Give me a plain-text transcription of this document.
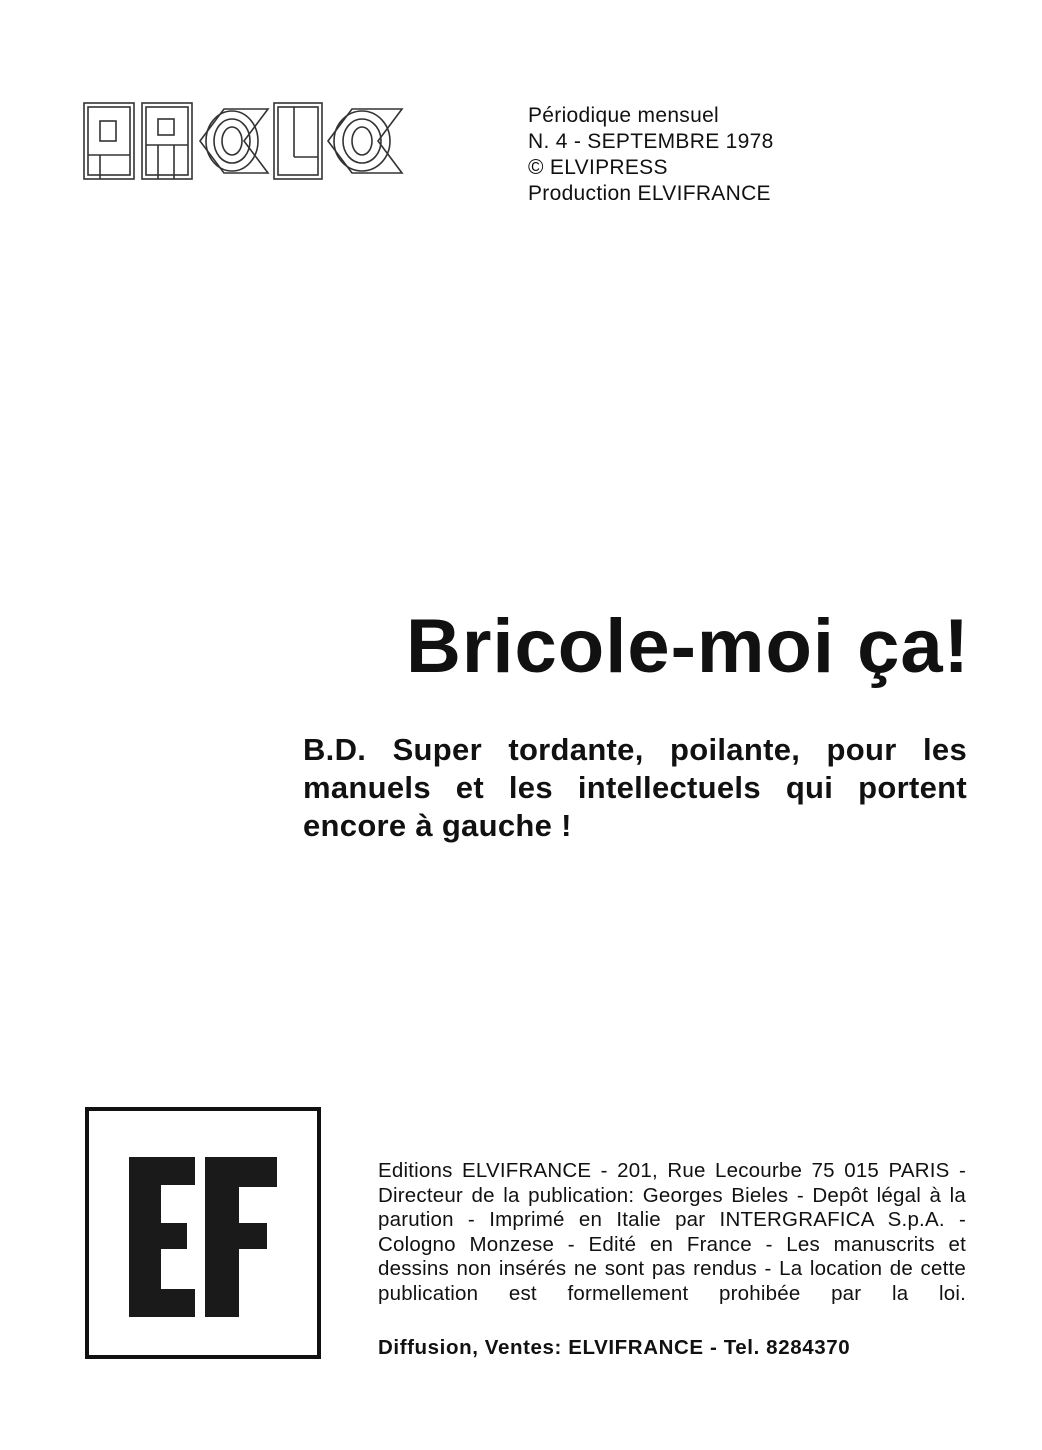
Périodique mensuel
N. 4 - SEPTEMBRE 1978
© ELVIPRESS
Production ELVIFRANCE
Bricole-moi ça!
B.D. Super tordante, poilante, pour les manuels et les intellectuels qui portent encore à gauche !
Editions ELVIFRANCE - 201, Rue Lecourbe 75 015 PARIS - Directeur de la publication: Georges Bieles - Depôt légal à la parution - Imprimé en Italie par INTERGRAFICA S.p.A. - Cologno Monzese - Edité en France - Les manuscrits et dessins non insérés ne sont pas rendus - La location de cette publication est formellement prohibée par la loi.
Diffusion, Ventes: ELVIFRANCE - Tel. 8284370
